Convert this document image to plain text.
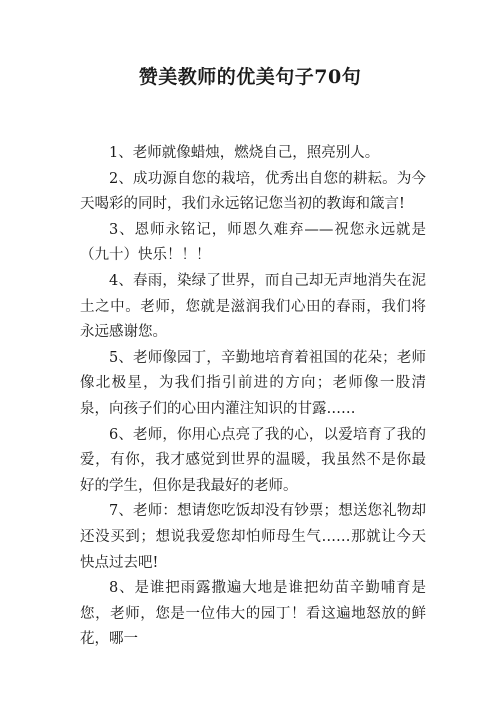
赞美教师的优美句子70句

1、老师就像蜡烛，燃烧自己，照亮别人。

2、成功源自您的栽培，优秀出自您的耕耘。为今天喝彩的同时，我们永远铭记您当初的教诲和箴言!

3、恩师永铭记，师恩久难弃——祝您永远就是（九十）快乐！！！

4、春雨，染绿了世界，而自己却无声地消失在泥土之中。老师，您就是滋润我们心田的春雨，我们将永远感谢您。

5、老师像园丁，辛勤地培育着祖国的花朵；老师像北极星，为我们指引前进的方向；老师像一股清泉，向孩子们的心田内灌注知识的甘露……

6、老师，你用心点亮了我的心，以爱培育了我的爱，有你，我才感觉到世界的温暖，我虽然不是你最好的学生，但你是我最好的老师。

7、老师：想请您吃饭却没有钞票；想送您礼物却还没买到；想说我爱您却怕师母生气……那就让今天快点过去吧!

8、是谁把雨露撒遍大地是谁把幼苗辛勤哺育是您，老师，您是一位伟大的园丁！看这遍地怒放的鲜花，哪一
